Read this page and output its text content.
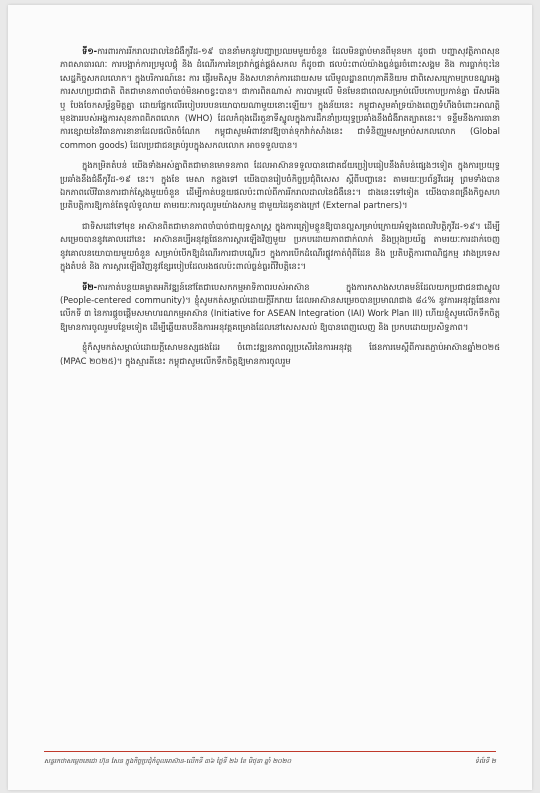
ទី១-ការពារការរីករាលដាលនៃជំងឺកូវីដ-១៩ បាននាំមកនូវបញ្ហាប្រឈមមួយចំនួន ដែលមិនធ្លាប់មានពីមុនមក ដូចជា បញ្ហាសុវត្ថិភាពសុខភាពសាធារណៈ ការបង្អាក់ការប្រមូលផ្តុំ និង ដំណើរការនៃច្រវាក់ផ្គត់ផ្គង់សកល ក៏ដូចជា ផលប៉ះពាល់យ៉ាងធ្ងន់ធ្ងរចំពោះសង្គម និង ការធ្លាក់ចុះនៃសេដ្ឋកិច្ចសកលលោក។ ក្នុងបរិការណ៍នេះ ការ ផ្ញើរមតិសូម និងសហនាក់ការដោយសម លើមូលដ្ឋានពហុភាគីនិយម ជាពិសេសក្រោមក្របខណ្ឌអង្គការសហប្រជាជាតិ ពិតជាមានភាពចាំបាច់មិនអាចខ្វះបាន។ ជាការពិតណាស់ ការបារម្ភលើ មិនមែនជាពេលសម្រាប់លើបកោបប្រកាន់គ្នា រើសអើង ឬ បែងចែកសម្ព័ន្ធមិត្តគ្នា ដោយផ្អែកលើរបៀបរបបនយោបាយណាមួយនោះឡើយ។ ក្នុងន័យនេះ កម្ពុជាសូមគាំទ្រយ៉ាងពេញទំហឹងចំពោះអាណត្តិមុខងាររបស់អង្គការសុខភាពពិភពលោក (WHO) ដែលកំពុងដើរតួនាទីស្នូលក្នុងការដឹកនាំប្រយុទ្ធប្រឆាំងនឹងជំងឺរាតត្បាតនេះ។ ទន្ទឹមនឹងការធានាការខ្សោយនៃវិធានការនានាដែលផលិតចំណែក កម្ពុជាសូមអំពាវនាវឱ្យចាត់ទុកវ៉ាក់សាំងនេះ ជាទំនិញរួមសម្រាប់សកលលោក (Global common goods) ដែលប្រជាជនគ្រប់រូបក្នុងសកលលោក អាចទទួលបាន។

ក្នុងកម្រិតតំបន់ យើងទាំងអស់គ្នាពិតជាមានមោទនភាព ដែលអាស៊ានទទួលបានជោគជ័យប្រៀបធៀបនឹងតំបន់ផ្សេងៗទៀត ក្នុងការប្រយុទ្ធប្រឆាំងនឹងជំងឺកូវីដ-១៩ នេះ។ ក្នុងខែ មេសា កន្លងទៅ យើងបានរៀបចំកិច្ចប្រជុំពិសេស ស្តីពីបញ្ហានេះ តាមរយៈប្រព័ន្ធវីដេអូ ព្រមទាំងបានឯកភាពលើវិធានការជាក់ស្តែងមួយចំនួន ដើម្បីកាត់បន្ថយផលប៉ះពាល់ពីការរីករាលដាលនៃជំងឺនេះ។ ជាងនេះទៅទៀត យើងបានពង្រឹងកិច្ចសហប្រតិបត្តិការឱ្យកាន់តែទូលំទូលាយ តាមរយៈការចូលរួមយ៉ាងសកម្ម ជាមួយដៃគូខាងក្រៅ (External partners)។

ជាទិសដៅទៅមុខ អាស៊ានពិតជាមានភាពចាំបាច់ជាយុទ្ធសាស្រ្ត ក្នុងការត្រៀមខ្លួនឱ្យបានល្អសម្រាប់ក្រោយអំឡុងពេលវិបត្តិកូវីដ-១៩។ ដើម្បីសម្រេចបាននូវគោលដៅនេះ អាស៊ានគប្បីអនុវត្តផែនការស្តារឡើងវិញមួយ ប្រកបដោយភាពជាក់លាក់ និងប្រុងប្រយ័ត្ន តាមរយៈការដាក់ចេញនូវគោលនយោបាយមួយចំនួន សម្រាប់បើកឱ្យដំណើរការជាបណ្តើរៗ ក្នុងការបើកដំណើរផ្លូវកាត់ពុំពីដែន និង ប្រតិបត្តិការពាណិជ្ជកម្ម រវាងប្រទេសក្នុងតំបន់ និង ការស្តារឡើងវិញនូវខ្សែរបៀបដែលរងផលប៉ះពាល់ធ្ងន់ធ្ងរពីវិបត្តិនេះ។

ទី២-ការកាត់បន្ថយគម្លាតអភិវឌ្ឍន៍នៅតែជាបេសកកម្មអាទិភាពរបស់អាស៊ាន ក្នុងការកសាងសហគមន៍ដែលយកប្រជាជនជាស្នូល (People-centered community)។ ខ្ញុំសូមកត់សម្គាល់ដោយក្តីរីករាយ ដែលអាស៊ានសម្រេចបានប្រមាណជាង ៨៤% នូវការអនុវត្តផែនការលើកទី ៣ នៃការផ្តួចផ្តើមសមាហរណកម្មអាស៊ាន (Initiative for ASEAN Integration (IAI) Work Plan III) ហើយខ្ញុំសូមលើកទឹកចិត្តឱ្យមានការចូលរួមបន្ថែមទៀត ដើម្បីឆ្លើយតបនឹងការអនុវត្តគម្រោងដែលនៅសេសសល់ ឱ្យបានពេញលេញ និង ប្រកបដោយប្រសិទ្ធភាព។

ខ្ញុំក៏សូមកត់សម្គាល់ដោយក្តីសោមនស្សផងដែរ ចំពោះវឌ្ឍនភាពល្អប្រសើរនៃការអនុវត្ត ផែនការមេស្តីពីការតភ្ជាប់អាស៊ានឆ្នាំ២០២៥ (MPAC ២០២៥)។ ក្នុងស្មារតីនេះ កម្ពុជាសូមលើកទឹកចិត្តឱ្យមានការចូលរួម

សន្ទរកថាសម្តេចតេជោ ហ៊ុន សែន ក្នុងកិច្ចប្រជុំកំពូលអាស៊ាន-លើកទី ៣៦ ថ្ងៃទី ២៦ ខែ មិថុនា ឆ្នាំ ២០២០	ទំព័រទី ២
